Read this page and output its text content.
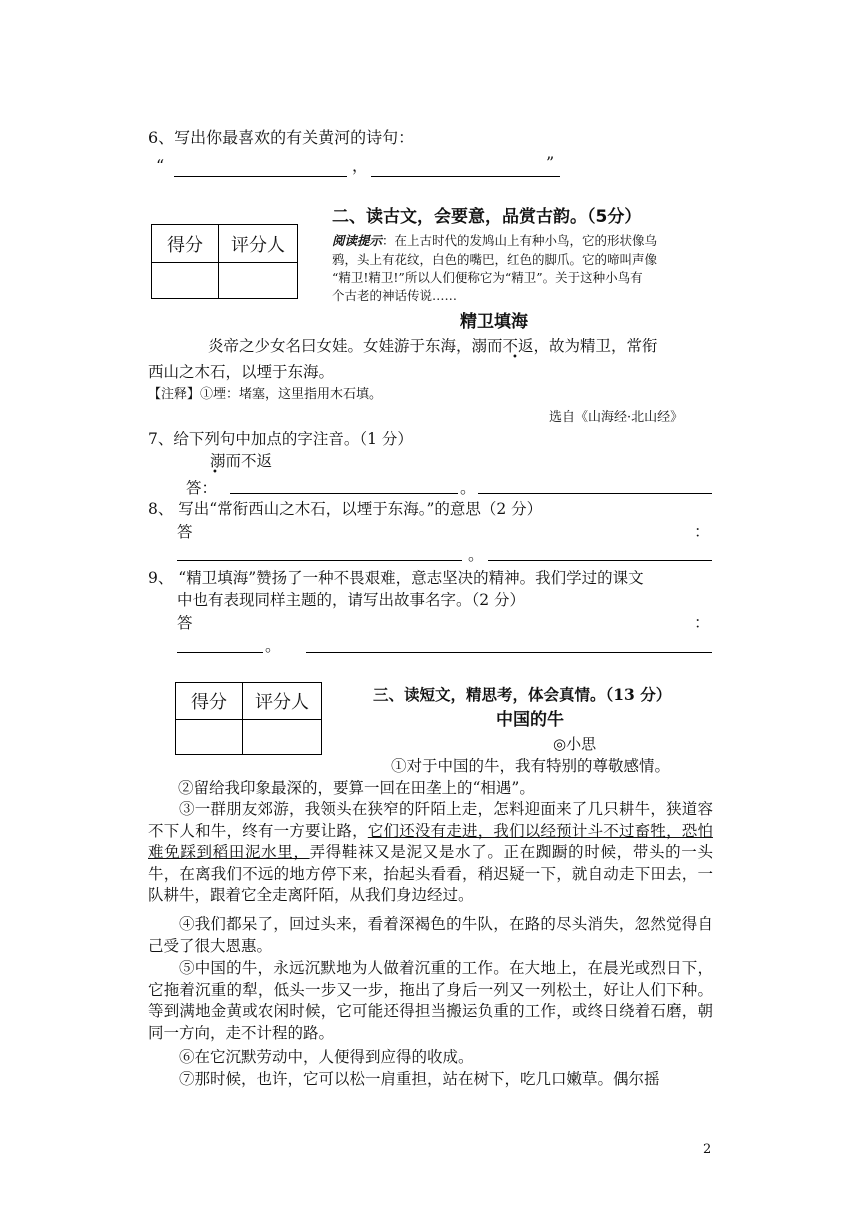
6、写出你最喜欢的有关黄河的诗句：
“	，	”
得分	评分人

二、读古文，会要意，品赏古韵。（5分）
阅读提示：在上古时代的发鸠山上有种小鸟，它的形状像乌
鸦，头上有花纹，白色的嘴巴，红色的脚爪。它的啼叫声像
“精卫!精卫!”所以人们便称它为“精卫”。关于这种小鸟有
个古老的神话传说……
精卫填海
炎帝之少女名曰女娃。女娃游于东海，溺而不返，故为精卫，常衔
•
西山之木石，以堙于东海。
【注释】①堙：堵塞，这里指用木石填。
选自《山海经·北山经》
7、给下列句中加点的字注音。（1 分）
溺而不返
•
答：	。
8、 写出“常衔西山之木石，以堙于东海。”的意思（2 分）
答	：
。
9、 “精卫填海”赞扬了一种不畏艰难，意志坚决的精神。我们学过的课文
中也有表现同样主题的，请写出故事名字。（2 分）
答	：
。
得分	评分人
		三、读短文，精思考，体会真情。（13 分）
中国的牛
◎小思
①对于中国的牛，我有特别的尊敬感情。
②留给我印象最深的，要算一回在田垄上的“相遇”。
③一群朋友郊游，我领头在狭窄的阡陌上走，怎料迎面来了几只耕牛，狭道容不下人和牛，终有一方要让路，它们还没有走进，我们以经预计斗不过畜牲，恐怕难免踩到稻田泥水里，弄得鞋袜又是泥又是水了。正在踟蹰的时候，带头的一头牛，在离我们不远的地方停下来，抬起头看看，稍迟疑一下，就自动走下田去，一队耕牛，跟着它全走离阡陌，从我们身边经过。
④我们都呆了，回过头来，看着深褐色的牛队，在路的尽头消失，忽然觉得自己受了很大恩惠。
⑤中国的牛，永远沉默地为人做着沉重的工作。在大地上，在晨光或烈日下，它拖着沉重的犁，低头一步又一步，拖出了身后一列又一列松土，好让人们下种。等到满地金黄或农闲时候，它可能还得担当搬运负重的工作，或终日绕着石磨，朝同一方向，走不计程的路。
⑥在它沉默劳动中，人便得到应得的收成。
⑦那时候，也许，它可以松一肩重担，站在树下，吃几口嫩草。偶尔摇
2
